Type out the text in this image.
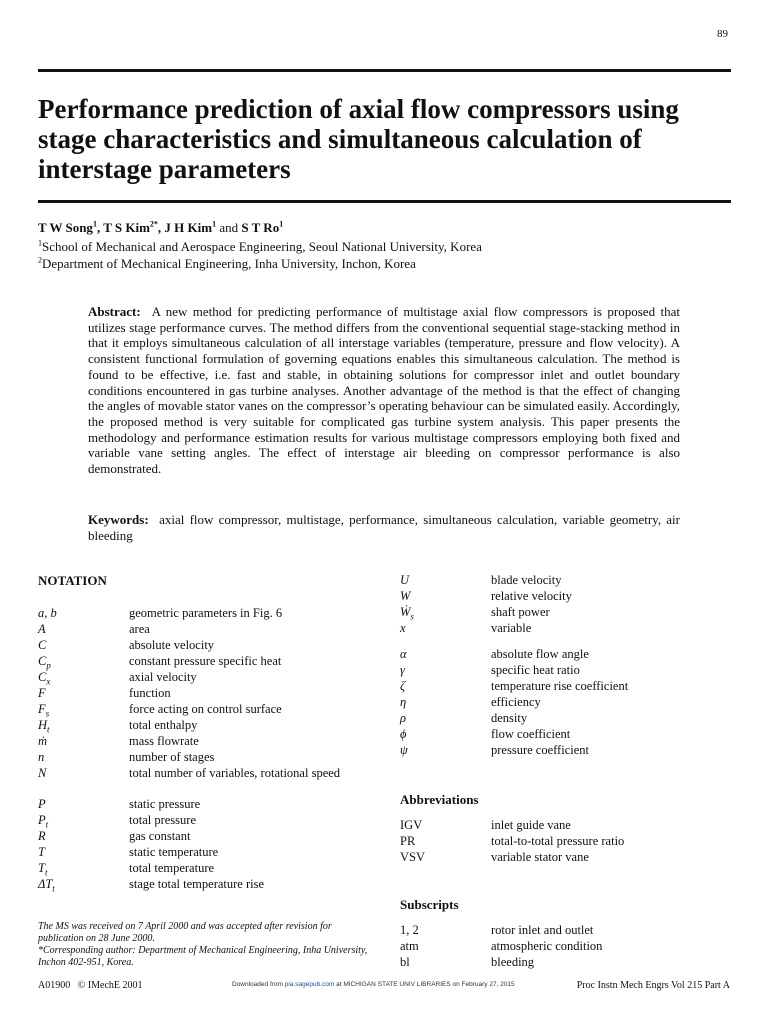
89
Performance prediction of axial flow compressors using stage characteristics and simultaneous calculation of interstage parameters
T W Song$^1$, T S Kim$^{2*}$, J H Kim$^1$ and S T Ro$^1$
$^1$School of Mechanical and Aerospace Engineering, Seoul National University, Korea
$^2$Department of Mechanical Engineering, Inha University, Inchon, Korea

Abstract: A new method for predicting performance of multistage axial flow compressors is proposed that utilizes stage performance curves. The method differs from the conventional sequential stage-stacking method in that it employs simultaneous calculation of all interstage variables (temperature, pressure and flow velocity). A consistent functional formulation of governing equations enables this simultaneous calculation. The method is found to be effective, i.e. fast and stable, in obtaining solutions for compressor inlet and outlet boundary conditions encountered in gas turbine analyses. Another advantage of the method is that the effect of changing the angles of movable stator vanes on the compressor’s operating behaviour can be simulated easily. Accordingly, the proposed method is very suitable for complicated gas turbine system analysis. This paper presents the methodology and performance estimation results for various multistage compressors employing both fixed and variable vane setting angles. The effect of interstage air bleeding on compressor performance is also demonstrated.

Keywords: axial flow compressor, multistage, performance, simultaneous calculation, variable geometry, air bleeding

NOTATION
a, b	geometric parameters in Fig. 6
A	area
C	absolute velocity
$C_p$	constant pressure specific heat
$C_x$	axial velocity
F	function
$F_s$	force acting on control surface
$H_t$	total enthalpy
ṁ	mass flowrate
n	number of stages
N	total number of variables, rotational speed
P	static pressure
$P_t$	total pressure
R	gas constant
T	static temperature
$T_t$	total temperature
$\Delta T_t$	stage total temperature rise
U	blade velocity
W	relative velocity
Ẇ$_s$	shaft power
x	variable
α	absolute flow angle
γ	specific heat ratio
ζ	temperature rise coefficient
η	efficiency
ρ	density
ϕ	flow coefficient
ψ	pressure coefficient
Abbreviations
IGV	inlet guide vane
PR	total-to-total pressure ratio
VSV	variable stator vane
Subscripts
1, 2	rotor inlet and outlet
atm	atmospheric condition
bl	bleeding
The MS was received on 7 April 2000 and was accepted after revision for publication on 28 June 2000.
*Corresponding author: Department of Mechanical Engineering, Inha University, Inchon 402-951, Korea.
A01900   © IMechE 2001	Downloaded from pia.sagepub.com at MICHIGAN STATE UNIV LIBRARIES on February 27, 2015	Proc Instn Mech Engrs Vol 215 Part A
